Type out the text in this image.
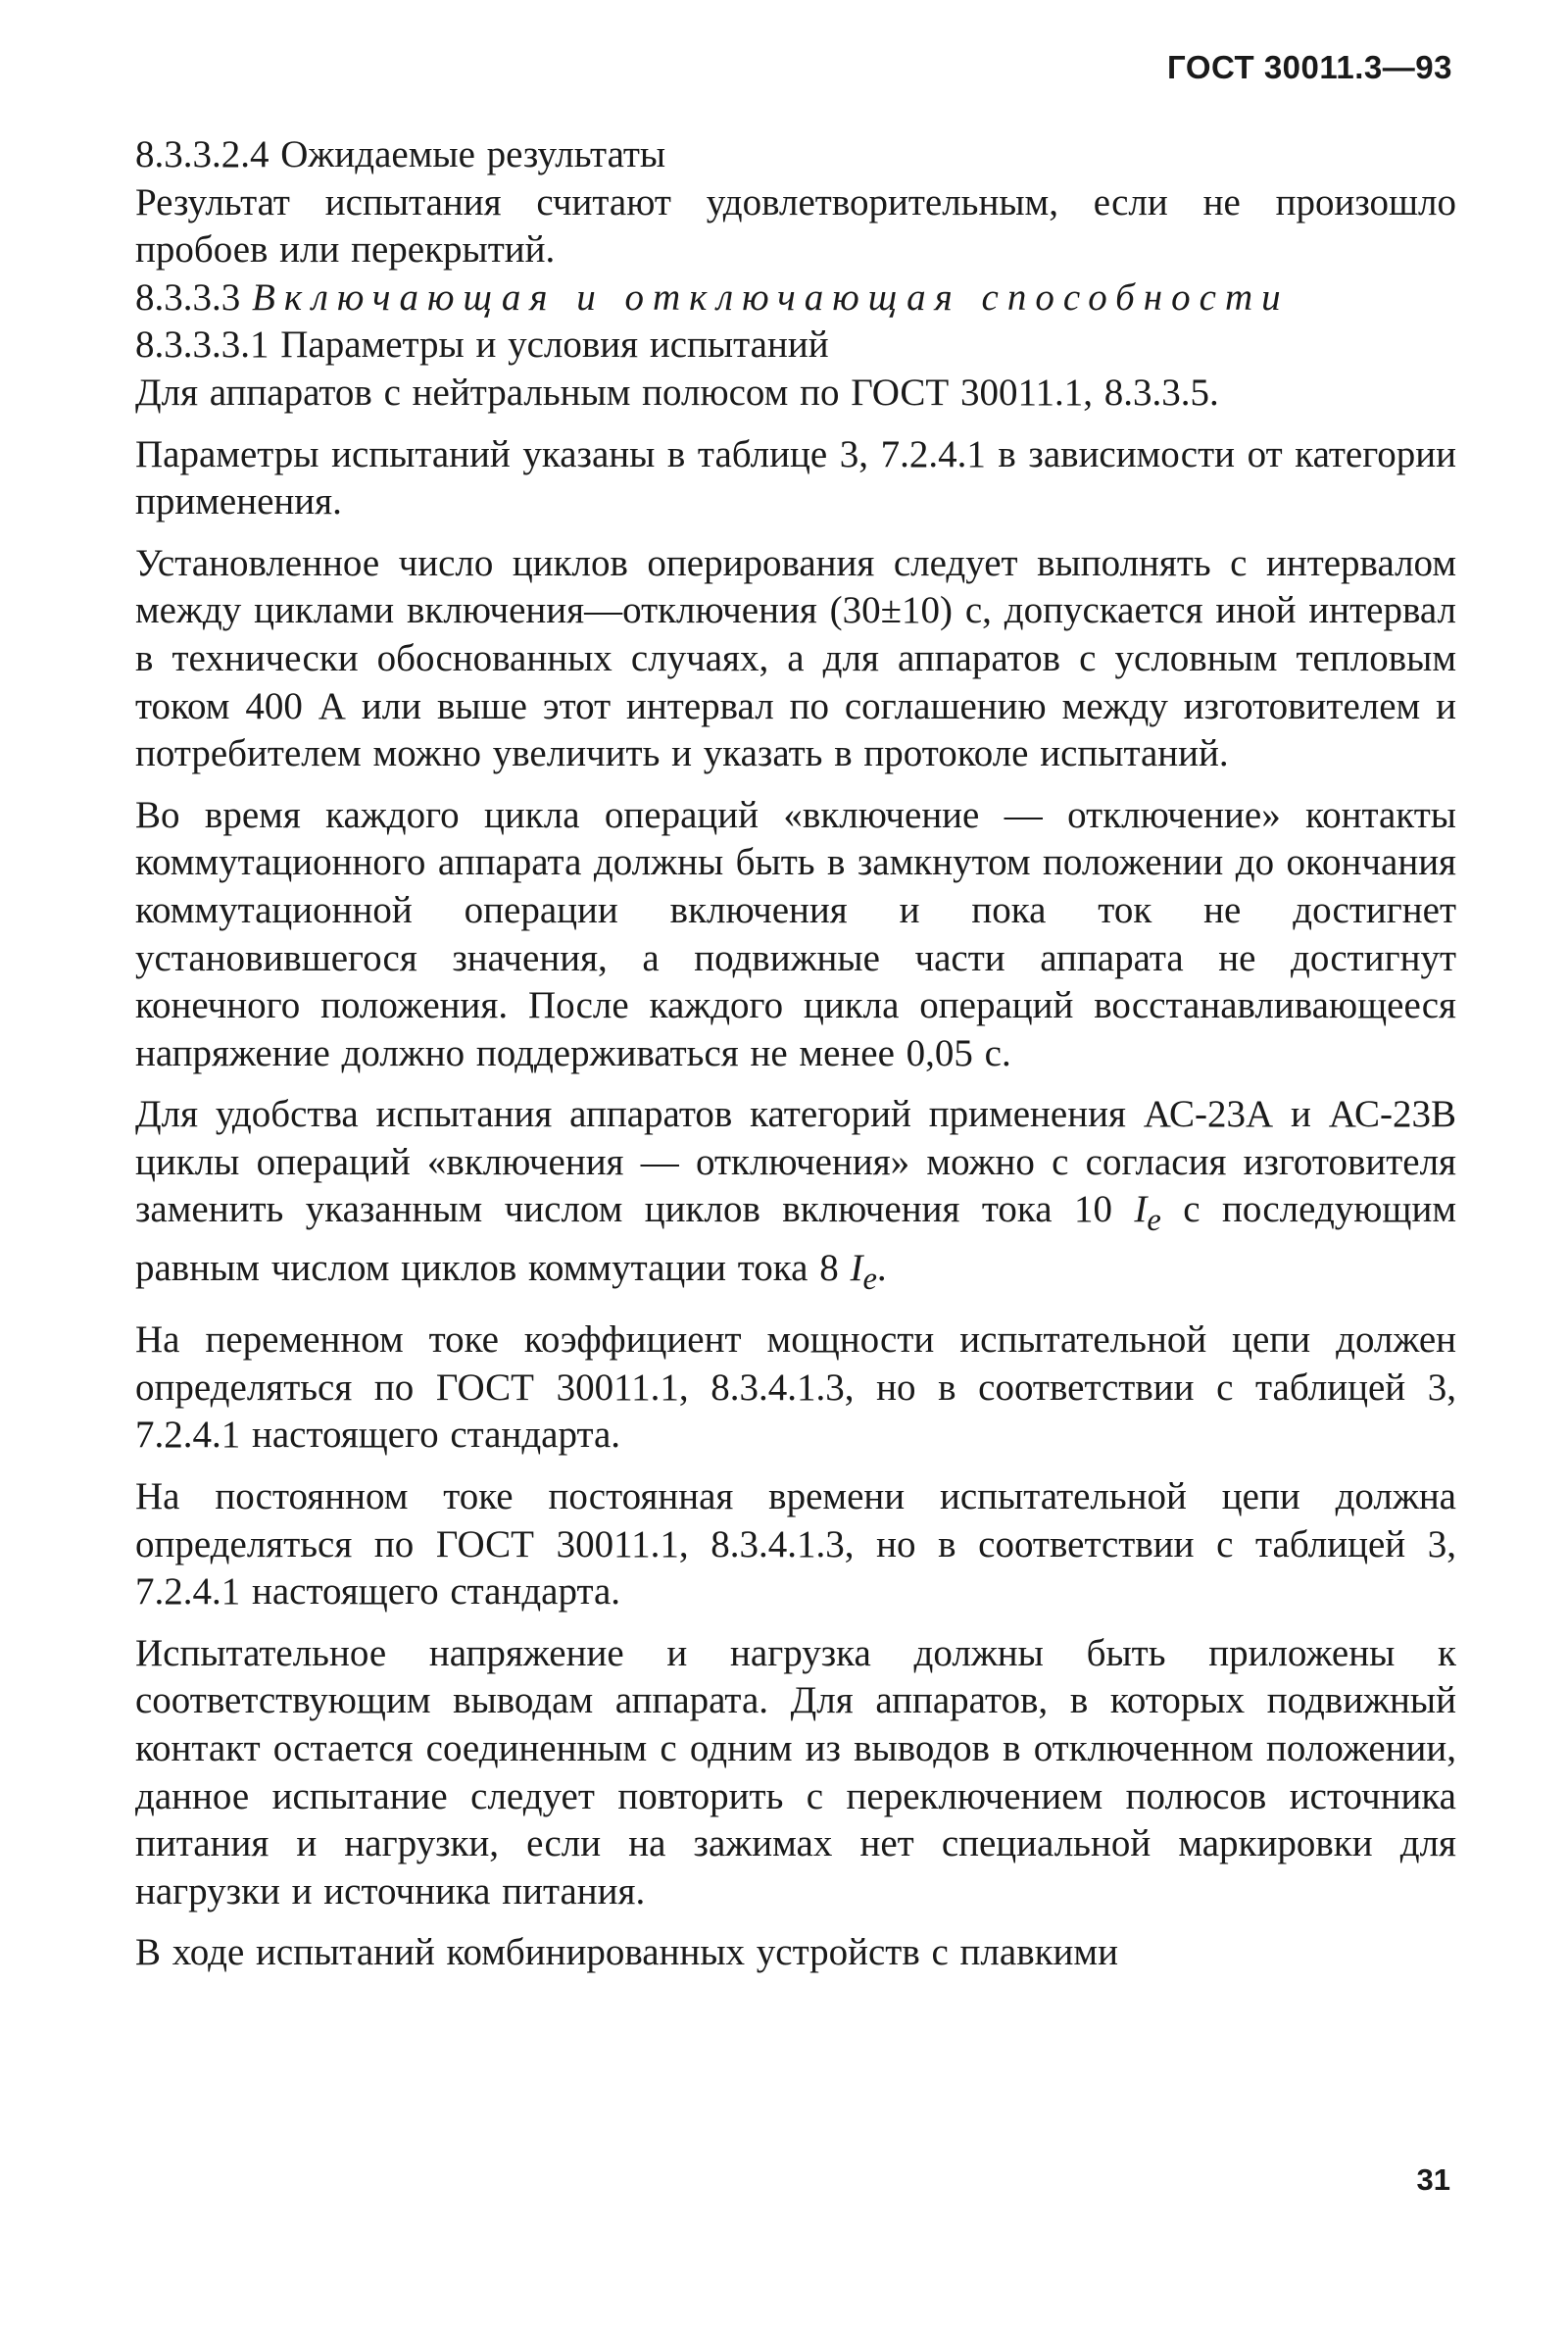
ГОСТ 30011.3—93

8.3.3.2.4 Ожидаемые результаты

Результат испытания считают удовлетворительным, если не произошло пробоев или перекрытий.

8.3.3.3 Включающая и отключающая способности

8.3.3.3.1 Параметры и условия испытаний

Для аппаратов с нейтральным полюсом по ГОСТ 30011.1, 8.3.3.5.

Параметры испытаний указаны в таблице 3, 7.2.4.1 в зависимости от категории применения.

Установленное число циклов оперирования следует выполнять с интервалом между циклами включения—отключения (30±10) с, допускается иной интервал в технически обоснованных случаях, а для аппаратов с условным тепловым током 400 А или выше этот интервал по соглашению между изготовителем и потребителем можно увеличить и указать в протоколе испытаний.

Во время каждого цикла операций «включение — отключение» контакты коммутационного аппарата должны быть в замкнутом положении до окончания коммутационной операции включения и пока ток не достигнет установившегося значения, а подвижные части аппарата не достигнут конечного положения. После каждого цикла операций восстанавливающееся напряжение должно поддерживаться не менее 0,05 с.

Для удобства испытания аппаратов категорий применения АС-23А и АС-23В циклы операций «включения — отключения» можно с согласия изготовителя заменить указанным числом циклов включения тока 10 $I_e$ с последующим равным числом циклов коммутации тока 8 $I_e$.

На переменном токе коэффициент мощности испытательной цепи должен определяться по ГОСТ 30011.1, 8.3.4.1.3, но в соответствии с таблицей 3, 7.2.4.1 настоящего стандарта.

На постоянном токе постоянная времени испытательной цепи должна определяться по ГОСТ 30011.1, 8.3.4.1.3, но в соответствии с таблицей 3, 7.2.4.1 настоящего стандарта.

Испытательное напряжение и нагрузка должны быть приложены к соответствующим выводам аппарата. Для аппаратов, в которых подвижный контакт остается соединенным с одним из выводов в отключенном положении, данное испытание следует повторить с переключением полюсов источника питания и нагрузки, если на зажимах нет специальной маркировки для нагрузки и источника питания.

В ходе испытаний комбинированных устройств с плавкими

31
